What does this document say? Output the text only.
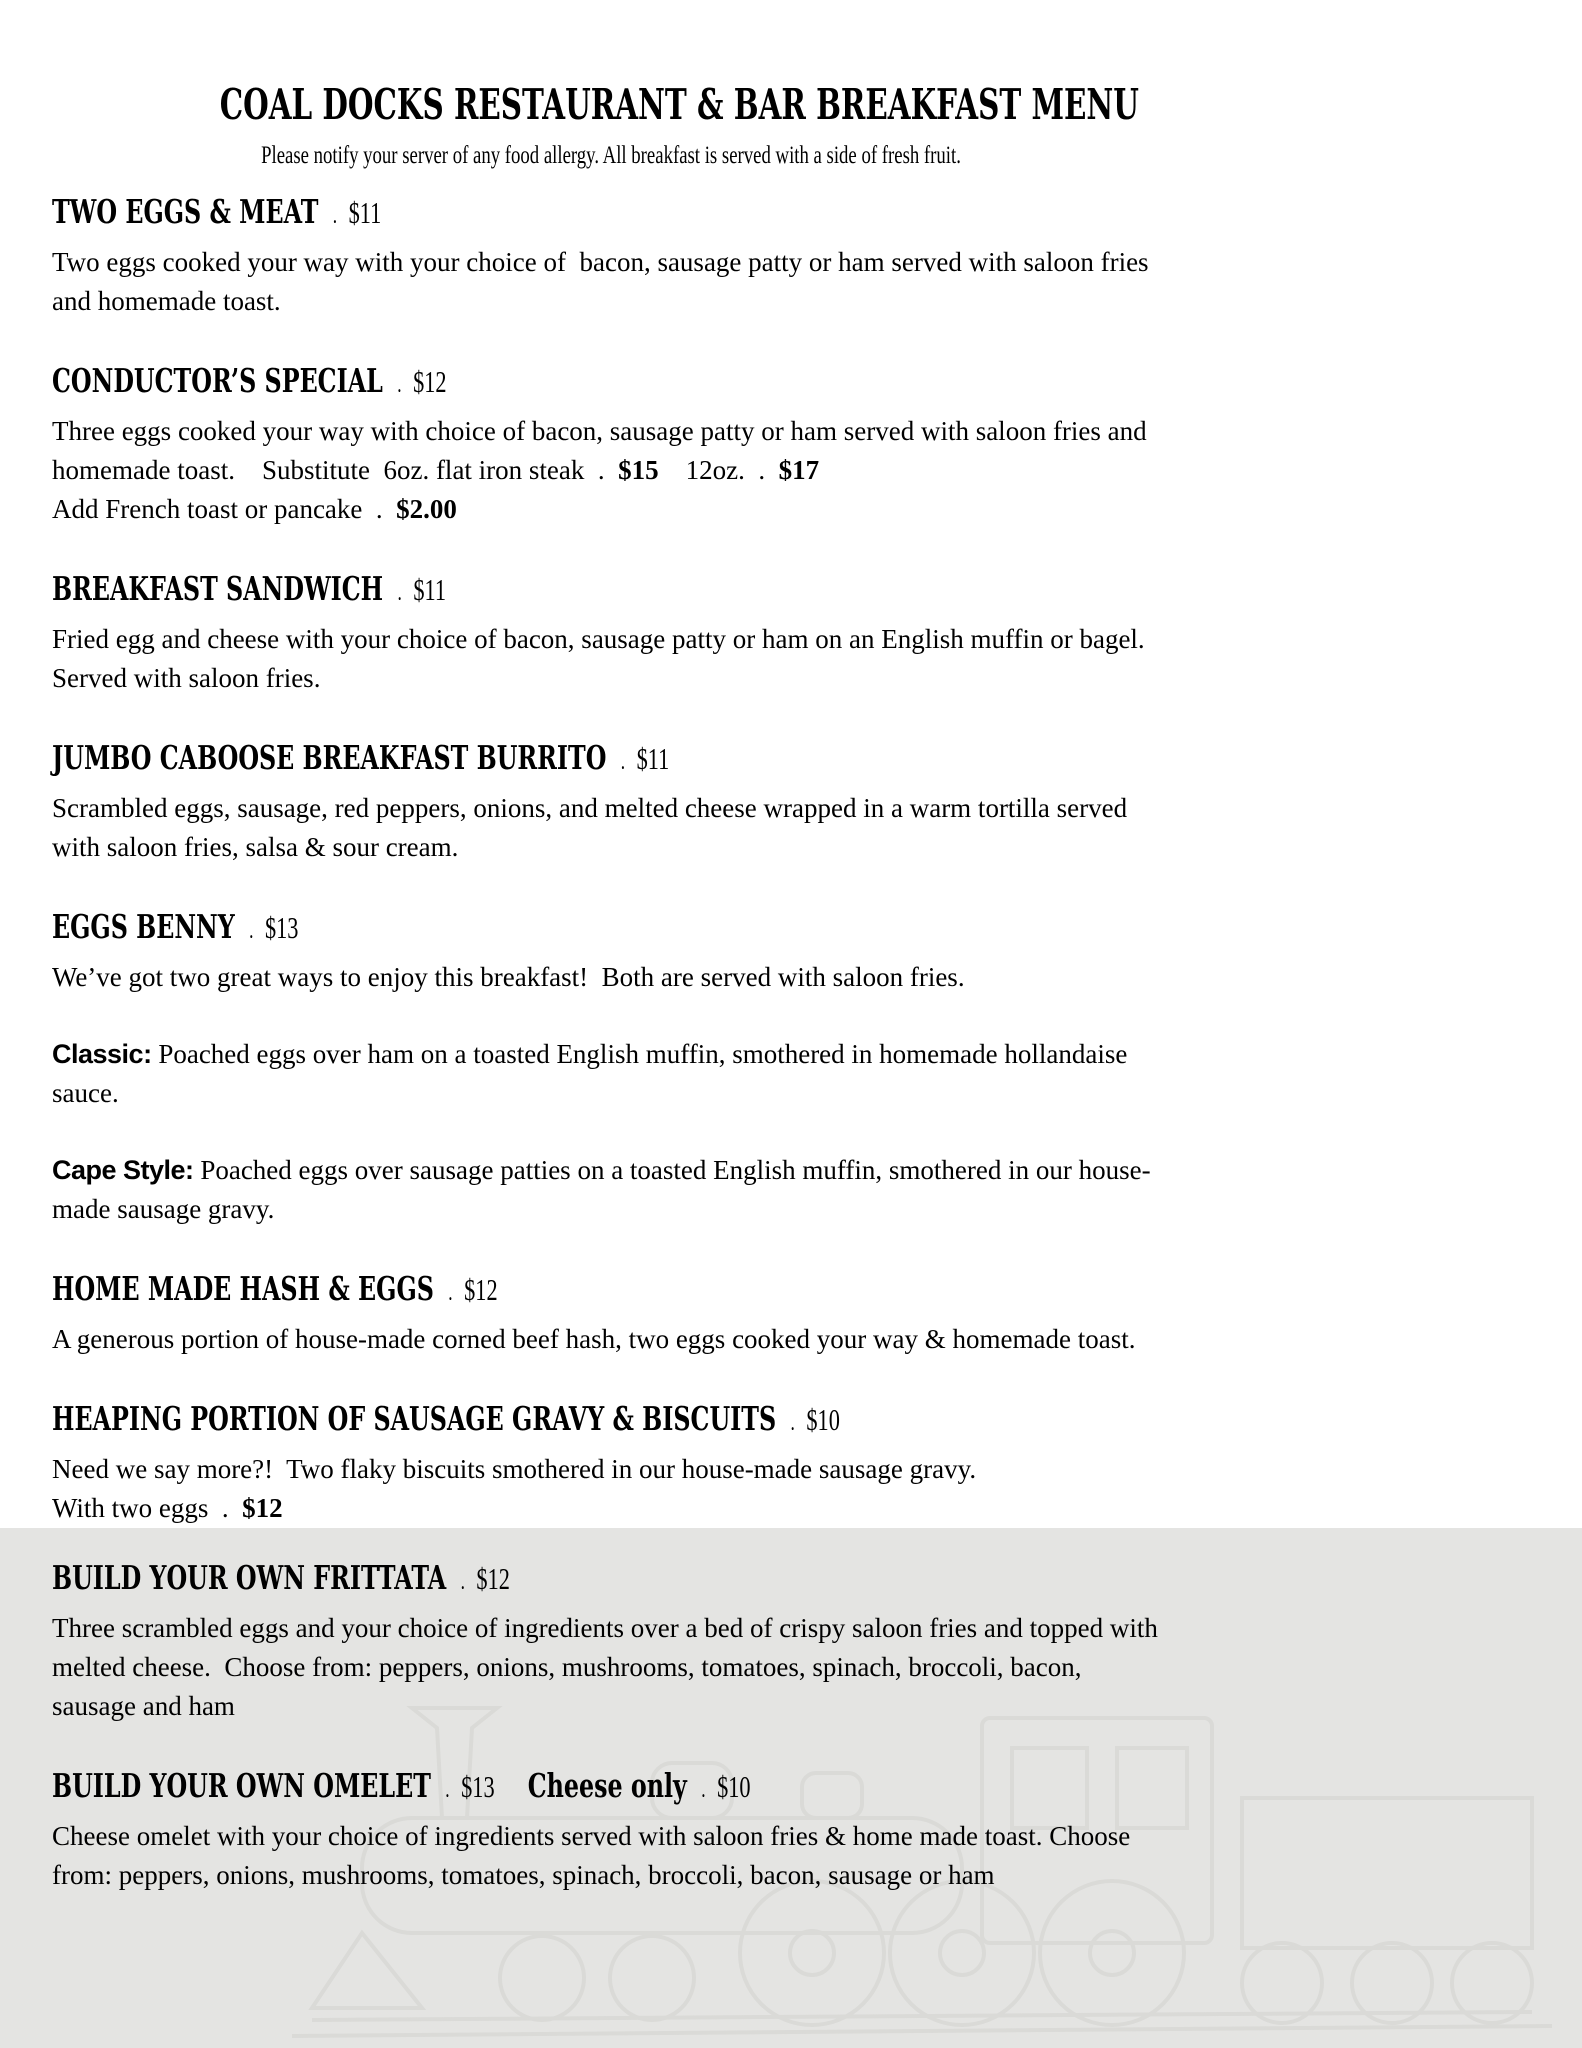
COAL DOCKS RESTAURANT & BAR BREAKFAST MENU

Please notify your server of any food allergy. All breakfast is served with a side of fresh fruit.

TWO EGGS & MEAT . $11

Two eggs cooked your way with your choice of  bacon, sausage patty or ham served with saloon fries and homemade toast.

CONDUCTOR’S SPECIAL . $12

Three eggs cooked your way with choice of bacon, sausage patty or ham served with saloon fries and homemade toast.    Substitute  6oz. flat iron steak  .  $15    12oz.  .  $17

Add French toast or pancake  .  $2.00

BREAKFAST SANDWICH . $11

Fried egg and cheese with your choice of bacon, sausage patty or ham on an English muffin or bagel. Served with saloon fries.

JUMBO CABOOSE BREAKFAST BURRITO . $11

Scrambled eggs, sausage, red peppers, onions, and melted cheese wrapped in a warm tortilla served with saloon fries, salsa & sour cream.

EGGS BENNY . $13

We’ve got two great ways to enjoy this breakfast!  Both are served with saloon fries.

Classic: Poached eggs over ham on a toasted English muffin, smothered in homemade hollandaise sauce.

Cape Style: Poached eggs over sausage patties on a toasted English muffin, smothered in our house-made sausage gravy.

HOME MADE HASH & EGGS . $12

A generous portion of house-made corned beef hash, two eggs cooked your way & homemade toast.

HEAPING PORTION OF SAUSAGE GRAVY & BISCUITS . $10

Need we say more?!  Two flaky biscuits smothered in our house-made sausage gravy.

With two eggs  .  $12

BUILD YOUR OWN FRITTATA . $12

Three scrambled eggs and your choice of ingredients over a bed of crispy saloon fries and topped with melted cheese.  Choose from: peppers, onions, mushrooms, tomatoes, spinach, broccoli, bacon, sausage and ham

BUILD YOUR OWN OMELET . $13 Cheese only . $10

Cheese omelet with your choice of ingredients served with saloon fries & home made toast. Choose from: peppers, onions, mushrooms, tomatoes, spinach, broccoli, bacon, sausage or ham
